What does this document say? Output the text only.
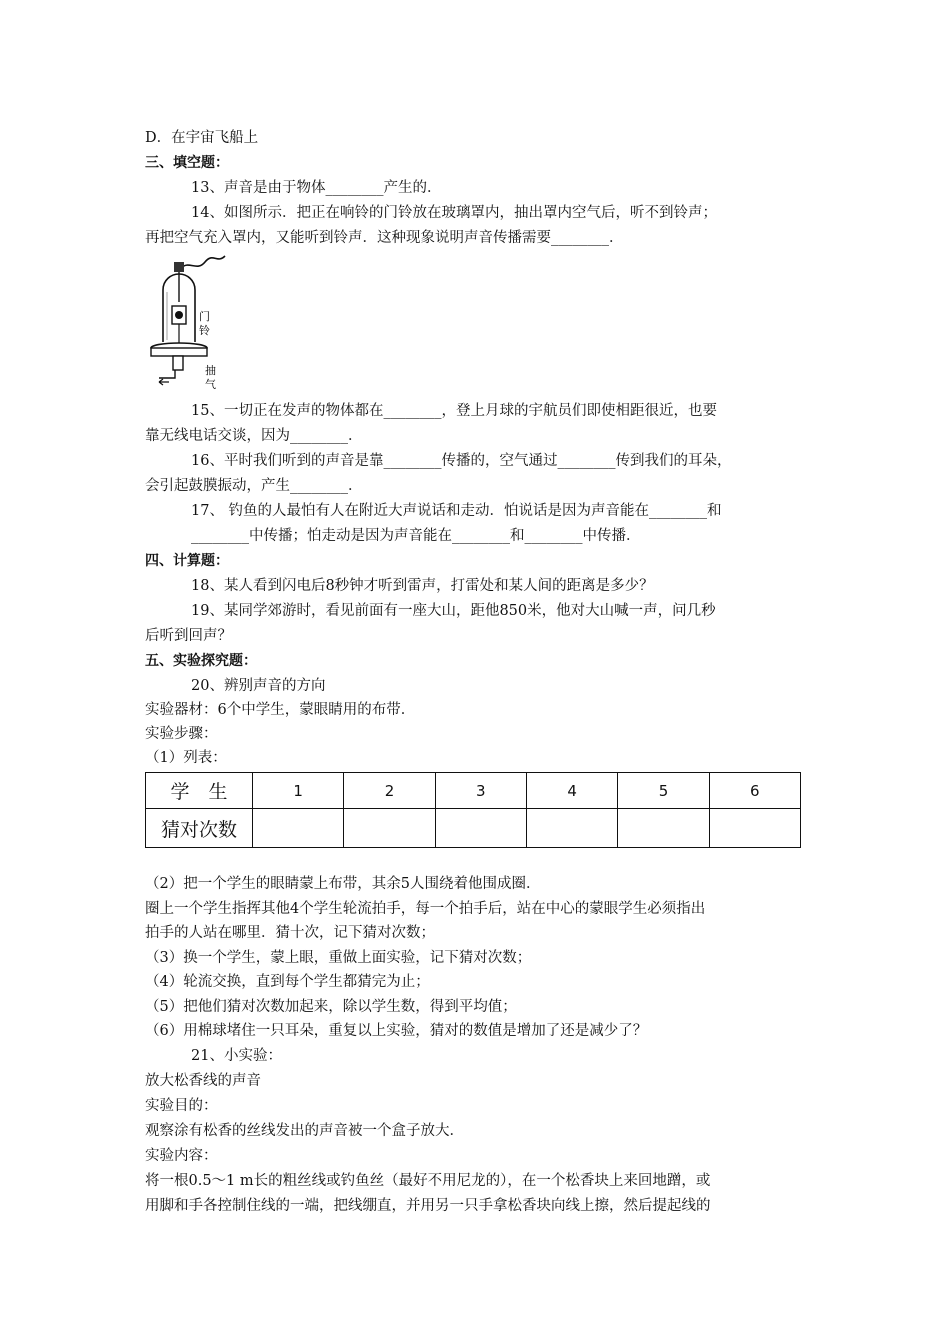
D．在宇宙飞船上
三、填空题：
13、声音是由于物体________产生的．
14、如图所示．把正在响铃的门铃放在玻璃罩内，抽出罩内空气后，听不到铃声；
再把空气充入罩内，又能听到铃声．这种现象说明声音传播需要________．
门
铃
抽
气
15、一切正在发声的物体都在________，登上月球的宇航员们即使相距很近，也要
靠无线电话交谈，因为________．
16、平时我们听到的声音是靠________传播的，空气通过________传到我们的耳朵，
会引起鼓膜振动，产生________．
17、 钓鱼的人最怕有人在附近大声说话和走动．怕说话是因为声音能在________和
________中传播；怕走动是因为声音能在________和________中传播．
四、计算题：
18、某人看到闪电后8秒钟才听到雷声，打雷处和某人间的距离是多少？
19、某同学郊游时，看见前面有一座大山，距他850米，他对大山喊一声，问几秒
后听到回声？
五、实验探究题：
20、辨别声音的方向
实验器材：6个中学生，蒙眼睛用的布带．
实验步骤：
（1）列表：
学　生	1	2	3	4	5	6
猜对次数						
（2）把一个学生的眼睛蒙上布带，其余5人围绕着他围成圈．
圈上一个学生指挥其他4个学生轮流拍手，每一个拍手后，站在中心的蒙眼学生必须指出
拍手的人站在哪里．猜十次，记下猜对次数；
（3）换一个学生，蒙上眼，重做上面实验，记下猜对次数；
（4）轮流交换，直到每个学生都猜完为止；
（5）把他们猜对次数加起来，除以学生数，得到平均值；
（6）用棉球堵住一只耳朵，重复以上实验，猜对的数值是增加了还是减少了？
21、小实验：
放大松香线的声音
实验目的：
观察涂有松香的丝线发出的声音被一个盒子放大．
实验内容：
将一根0.5～1 m长的粗丝线或钓鱼丝（最好不用尼龙的），在一个松香块上来回地蹭，或
用脚和手各控制住线的一端，把线绷直，并用另一只手拿松香块向线上擦，然后提起线的
